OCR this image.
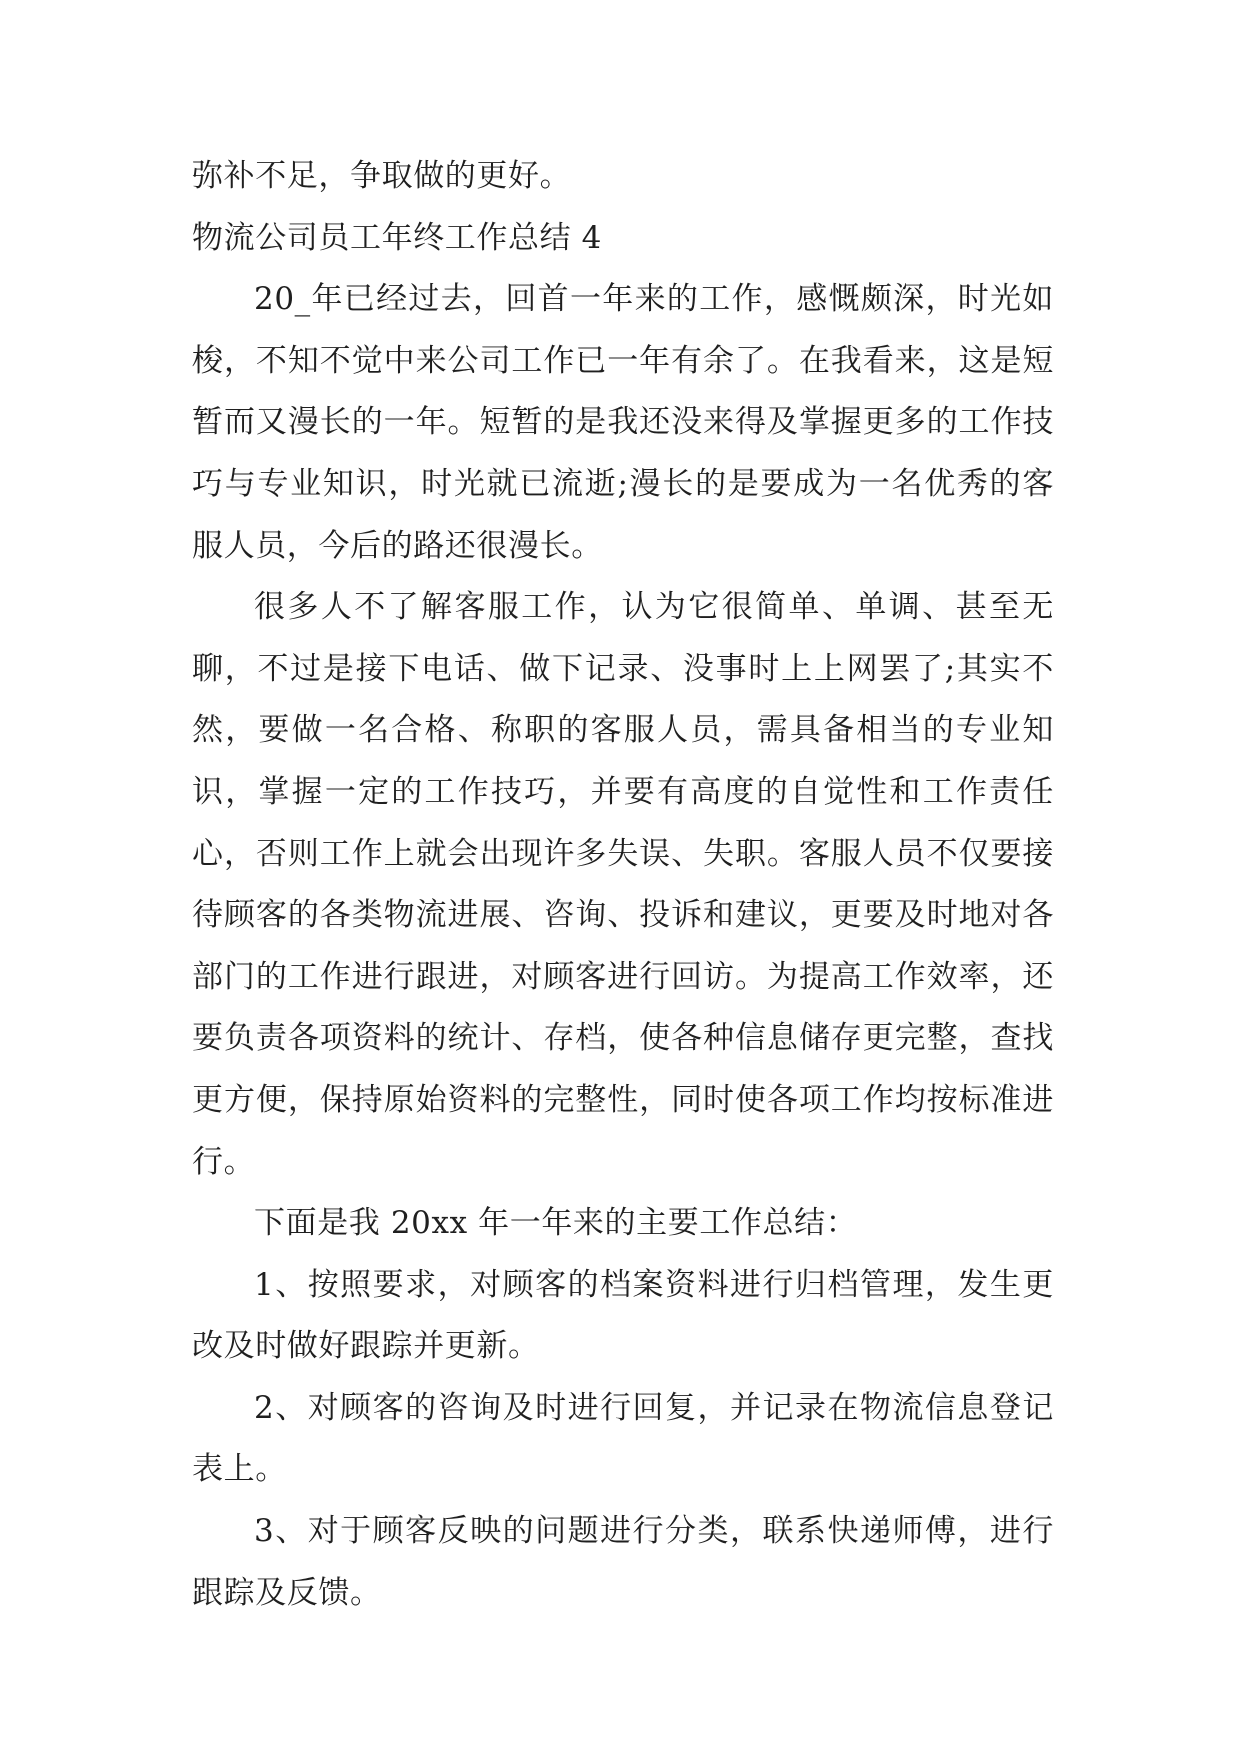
弥补不足，争取做的更好。

物流公司员工年终工作总结 4

20_年已经过去，回首一年来的工作，感慨颇深，时光如梭，不知不觉中来公司工作已一年有余了。在我看来，这是短暂而又漫长的一年。短暂的是我还没来得及掌握更多的工作技巧与专业知识，时光就已流逝;漫长的是要成为一名优秀的客服人员，今后的路还很漫长。

很多人不了解客服工作，认为它很简单、单调、甚至无聊，不过是接下电话、做下记录、没事时上上网罢了;其实不然，要做一名合格、称职的客服人员，需具备相当的专业知识，掌握一定的工作技巧，并要有高度的自觉性和工作责任心，否则工作上就会出现许多失误、失职。客服人员不仅要接待顾客的各类物流进展、咨询、投诉和建议，更要及时地对各部门的工作进行跟进，对顾客进行回访。为提高工作效率，还要负责各项资料的统计、存档，使各种信息储存更完整，查找更方便，保持原始资料的完整性，同时使各项工作均按标准进行。

下面是我 20xx 年一年来的主要工作总结：

1、按照要求，对顾客的档案资料进行归档管理，发生更改及时做好跟踪并更新。

2、对顾客的咨询及时进行回复，并记录在物流信息登记表上。

3、对于顾客反映的问题进行分类，联系快递师傅，进行跟踪及反馈。
